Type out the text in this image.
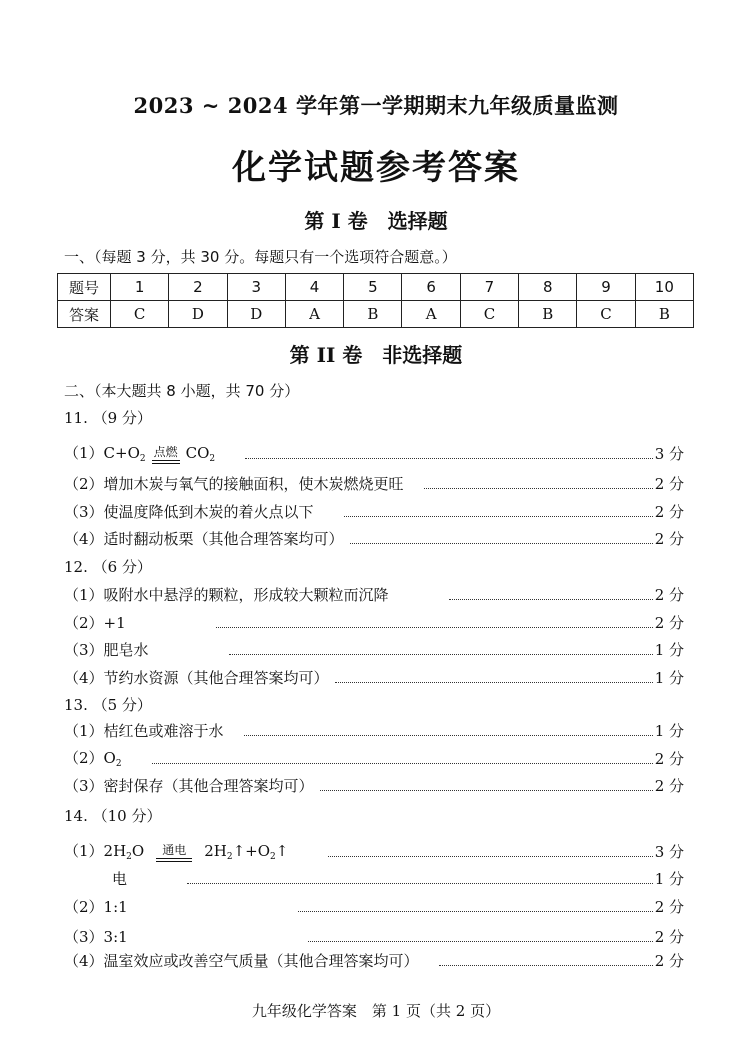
2023 ~ 2024 学年第一学期期末九年级质量监测
化学试题参考答案
第 I 卷　选择题
一、（每题 3 分，共 30 分。每题只有一个选项符合题意。）
题号	1	2	3	4	5	6	7	8	9	10
答案	C	D	D	A	B	A	C	B	C	B
第 II 卷　非选择题
二、（本大题共 8 小题，共 70 分）
11. （9 分）
$(1)C+O_2$ 点燃 $CO_2$	3 分
（2）增加木炭与氧气的接触面积，使木炭燃烧更旺	2 分
（3）使温度降低到木炭的着火点以下	2 分
（4）适时翻动板栗（其他合理答案均可）	2 分
12. （6 分）
（1）吸附水中悬浮的颗粒，形成较大颗粒而沉降	2 分
（2）+1	2 分
（3）肥皂水	1 分
（4）节约水资源（其他合理答案均可）	1 分
13. （5 分）
（1）桔红色或难溶于水	1 分
$(2)O_2$	2 分
（3）密封保存（其他合理答案均可）	2 分
14. （10 分）
$(1)2H_2O$	通电	$2H_2↑+O_2↑$	3 分
电	1 分
（2）1:1	2 分
（3）3:1	2 分
（4）温室效应或改善空气质量（其他合理答案均可）	2 分
九年级化学答案　第 1 页（共 2 页）
